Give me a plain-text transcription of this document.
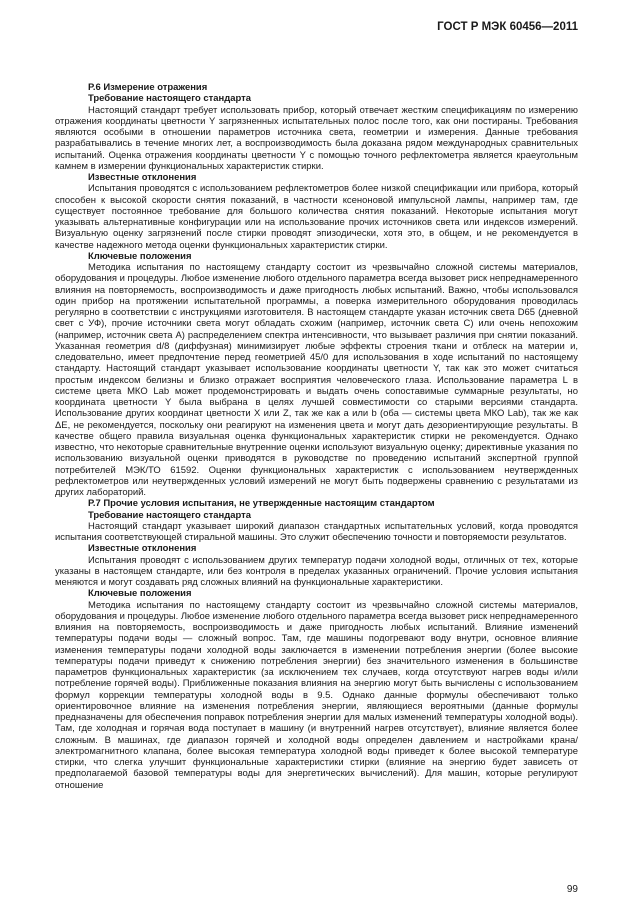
ГОСТ Р МЭК 60456—2011
Р.6 Измерение отражения
Требование настоящего стандарта

Настоящий стандарт требует использовать прибор, который отвечает жестким спецификациям по измерению отражения координаты цветности Y загрязненных испытательных полос после того, как они постираны. Требования являются особыми в отношении параметров источника света, геометрии и измерения. Данные требования разрабатывались в течение многих лет, а воспроизводимость была доказана рядом международных сравнительных испытаний. Оценка отражения координаты цветности Y с помощью точного рефлектометра является краеугольным камнем в измерении функциональных характеристик стирки.

Известные отклонения

Испытания проводятся с использованием рефлектометров более низкой спецификации или прибора, который способен к высокой скорости снятия показаний, в частности ксеноновой импульсной лампы, например там, где существует постоянное требование для большого количества снятия показаний. Некоторые испытания могут указывать альтернативные конфигурации или на использование прочих источников света или индексов измерений. Визуальную оценку загрязнений после стирки проводят эпизодически, хотя это, в общем, и не рекомендуется в качестве надежного метода оценки функциональных характеристик стирки.

Ключевые положения

Методика испытания по настоящему стандарту состоит из чрезвычайно сложной системы материалов, оборудования и процедуры. Любое изменение любого отдельного параметра всегда вызовет риск непреднамеренного влияния на повторяемость, воспроизводимость и даже пригодность любых испытаний. Важно, чтобы использовался один прибор на протяжении испытательной программы, а поверка измерительного оборудования проводилась регулярно в соответствии с инструкциями изготовителя. В настоящем стандарте указан источник света D65 (дневной свет с УФ), прочие источники света могут обладать схожим (например, источник света С) или очень непохожим (например, источник света А) распределением спектра интенсивности, что вызывает различия при снятии показаний. Указанная геометрия d/8 (диффузная) минимизирует любые эффекты строения ткани и отблеск на материи и, следовательно, имеет предпочтение перед геометрией 45/0 для использования в ходе испытаний по настоящему стандарту. Настоящий стандарт указывает использование координаты цветности Y, так как это может считаться простым индексом белизны и близко отражает восприятия человеческого глаза. Использование параметра L в системе цвета МКО Lab может продемонстрировать и выдать очень сопоставимые суммарные результаты, но координата цветности Y была выбрана в целях лучшей совместимости со старыми версиями стандарта. Использование других координат цветности X или Z, так же как a или b (оба — системы цвета МКО Lab), так же как ΔE, не рекомендуется, поскольку они реагируют на изменения цвета и могут дать дезориентирующие результаты. В качестве общего правила визуальная оценка функциональных характеристик стирки не рекомендуется. Однако известно, что некоторые сравнительные внутренние оценки используют визуальную оценку; директивные указания по использованию визуальной оценки приводятся в руководстве по проведению испытаний экспертной группой потребителей МЭК/ТО 61592. Оценки функциональных характеристик с использованием неутвержденных рефлектометров или неутвержденных условий измерений не могут быть подвержены сравнению с результатами из других лабораторий.

Р.7 Прочие условия испытания, не утвержденные настоящим стандартом
Требование настоящего стандарта

Настоящий стандарт указывает широкий диапазон стандартных испытательных условий, когда проводятся испытания соответствующей стиральной машины. Это служит обеспечению точности и повторяемости результатов.

Известные отклонения

Испытания проводят с использованием других температур подачи холодной воды, отличных от тех, которые указаны в настоящем стандарте, или без контроля в пределах указанных ограничений. Прочие условия испытания меняются и могут создавать ряд сложных влияний на функциональные характеристики.

Ключевые положения

Методика испытания по настоящему стандарту состоит из чрезвычайно сложной системы материалов, оборудования и процедуры. Любое изменение любого отдельного параметра всегда вызовет риск непреднамеренного влияния на повторяемость, воспроизводимость и даже пригодность любых испытаний. Влияние изменений температуры подачи воды — сложный вопрос. Там, где машины подогревают воду внутри, основное влияние изменения температуры подачи холодной воды заключается в изменении потребления энергии (более высокие температуры подачи приведут к снижению потребления энергии) без значительного изменения в большинстве параметров функциональных характеристик (за исключением тех случаев, когда отсутствуют нагрев воды и/или потребление горячей воды). Приближенные показания влияния на энергию могут быть вычислены с использованием формул коррекции температуры холодной воды в 9.5. Однако данные формулы обеспечивают только ориентировочное влияние на изменения потребления энергии, являющиеся вероятными (данные формулы предназначены для обеспечения поправок потребления энергии для малых изменений температуры холодной воды). Там, где холодная и горячая вода поступает в машину (и внутренний нагрев отсутствует), влияние является более сложным. В машинах, где диапазон горячей и холодной воды определен давлением и настройками крана/электромагнитного клапана, более высокая температура холодной воды приведет к более высокой температуре стирки, что слегка улучшит функциональные характеристики стирки (влияние на энергию будет зависеть от предполагаемой базовой температуры воды для энергетических вычислений). Для машин, которые регулируют отношение

99
